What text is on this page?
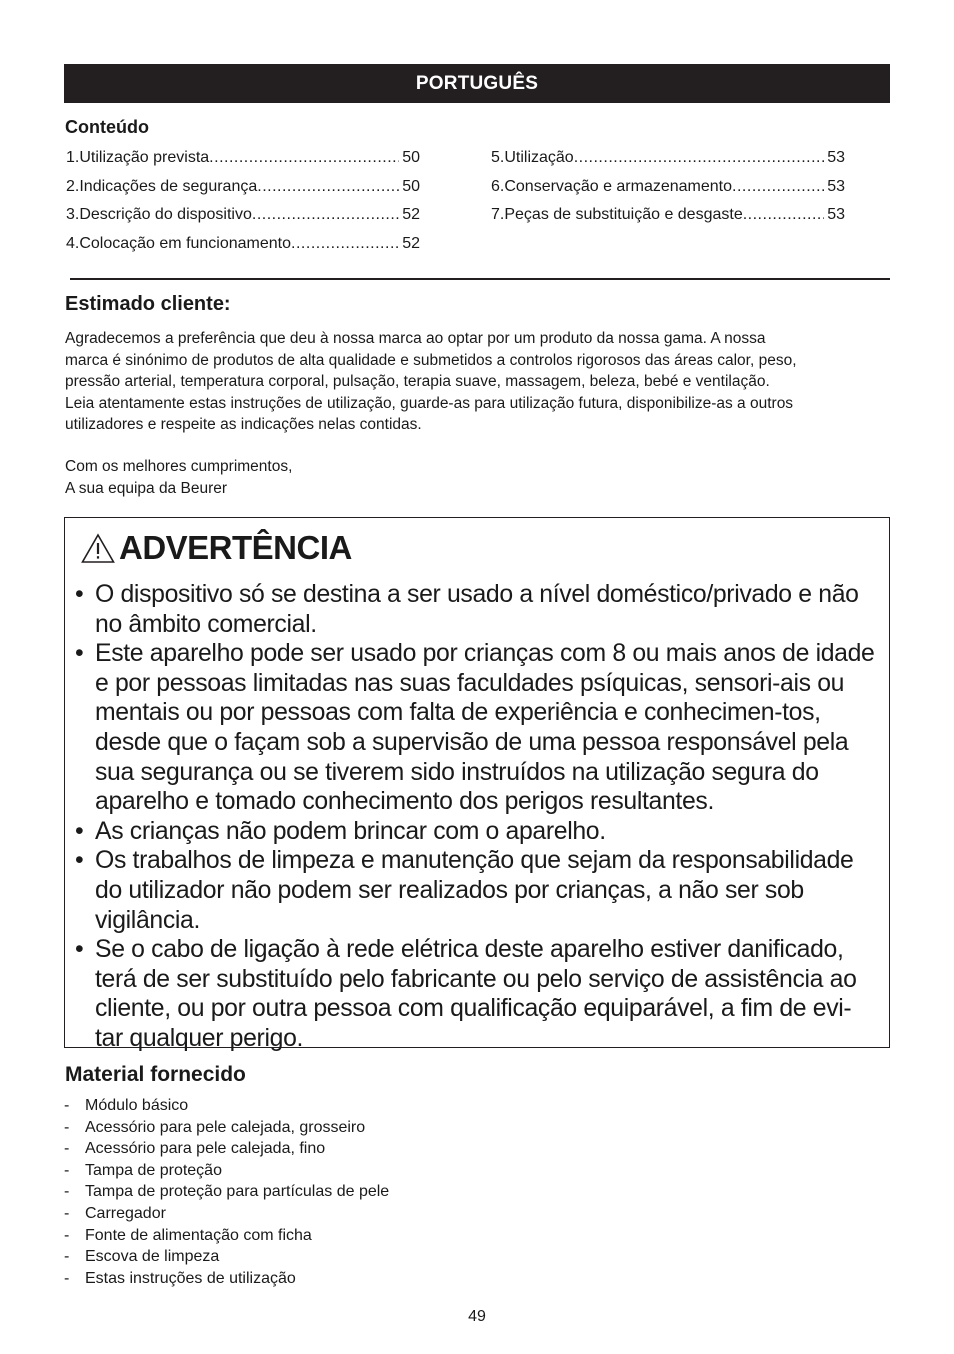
PORTUGUÊS
Conteúdo
1. Utilização prevista .....	50
2. Indicações de segurança .....	50
3. Descrição do dispositivo .....	52
4. Colocação em funcionamento .....	52
5. Utilização .....	53
6. Conservação e armazenamento .....	53
7. Peças de substituição e desgaste .....	53
Estimado cliente:

Agradecemos a preferência que deu à nossa marca ao optar por um produto da nossa gama. A nossa

marca é sinónimo de produtos de alta qualidade e submetidos a controlos rigorosos das áreas calor, peso,

pressão arterial, temperatura corporal, pulsação, terapia suave, massagem, beleza, bebé e ventilação.

Leia atentamente estas instruções de utilização, guarde-as para utilização futura, disponibilize-as a outros

utilizadores e respeite as indicações nelas contidas.

Com os melhores cumprimentos,
A sua equipa da Beurer
ADVERTÊNCIA
• O dispositivo só se destina a ser usado a nível doméstico/privado e não no âmbito comercial.
• Este aparelho pode ser usado por crianças com 8 ou mais anos de idade e por pessoas limitadas nas suas faculdades psíquicas, sensori-ais ou mentais ou por pessoas com falta de experiência e conhecimen-tos, desde que o façam sob a supervisão de uma pessoa responsável pela sua segurança ou se tiverem sido instruídos na utilização segura do aparelho e tomado conhecimento dos perigos resultantes.
• As crianças não podem brincar com o aparelho.
• Os trabalhos de limpeza e manutenção que sejam da responsabilidade do utilizador não podem ser realizados por crianças, a não ser sob vigilância.
• Se o cabo de ligação à rede elétrica deste aparelho estiver danificado, terá de ser substituído pelo fabricante ou pelo serviço de assistência ao cliente, ou por outra pessoa com qualificação equiparável, a fim de evi-tar qualquer perigo.
Material fornecido
- Módulo básico
- Acessório para pele calejada, grosseiro
- Acessório para pele calejada, fino
- Tampa de proteção
- Tampa de proteção para partículas de pele
- Carregador
- Fonte de alimentação com ficha
- Escova de limpeza
- Estas instruções de utilização
49
